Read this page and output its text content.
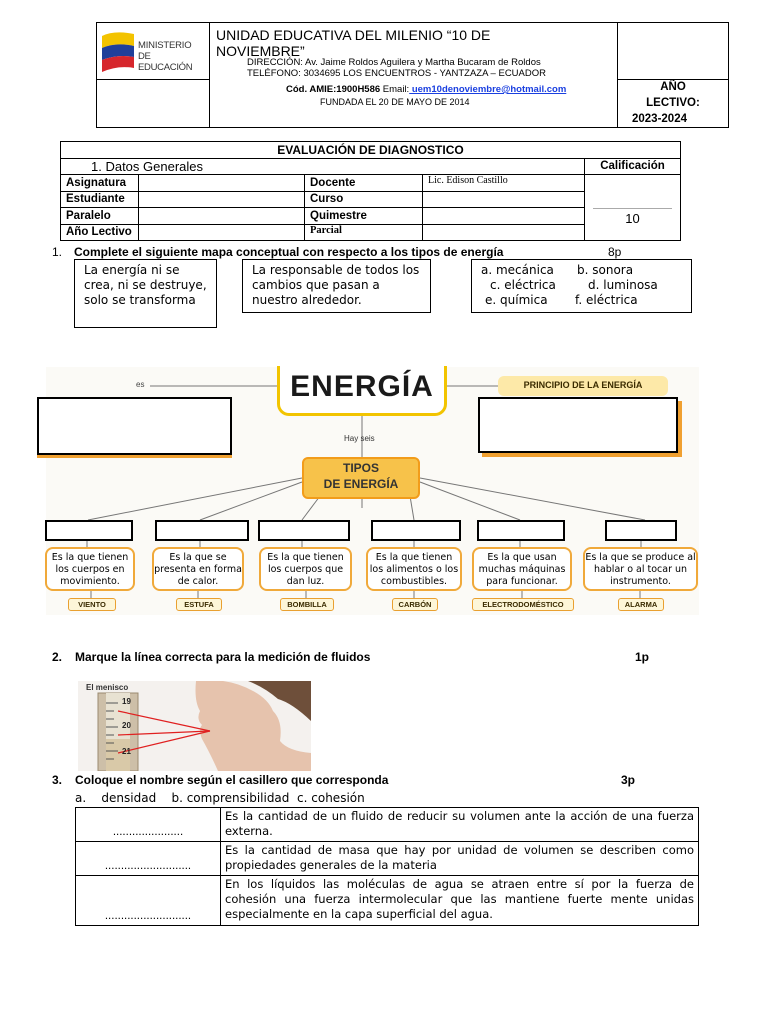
MINISTERIO
DE EDUCACIÓN
UNIDAD EDUCATIVA DEL MILENIO “10 DE NOVIEMBRE”
DIRECCIÓN: Av. Jaime Roldos Aguilera y Martha Bucaram de Roldos
TELÉFONO: 3034695 LOS ENCUENTROS - YANTZAZA – ECUADOR
Cód. AMIE:1900H586 Email: uem10denoviembre@hotmail.com
FUNDADA EL 20 DE MAYO DE 2014
AÑO
LECTIVO:
2023-2024
EVALUACIÓN DE DIAGNOSTICO				
1. Datos Generales				Calificación
Asignatura		Docente	Lic. Edison Castillo	10

Estudiante		Curso		
Paralelo		Quimestre		
Año Lectivo		Parcial		
1. Complete el siguiente mapa conceptual con respecto a los tipos de energía	8p
La energía ni se crea, ni se destruye, solo se transforma
La responsable de todos los cambios que pasan a nuestro alrededor.
a. mecánica b. sonora
c. eléctrica	d. luminosa
e. química f. eléctrica
es	ENERGÍA	PRINCIPIO DE LA ENERGÍA
Hay seis
TIPOS
DE ENERGÍA
Es la que tienen los cuerpos en movimiento.
Es la que se presenta en forma de calor.
Es la que tienen los cuerpos que dan luz.
Es la que tienen los alimentos o los combustibles.
Es la que usan muchas máquinas para funcionar.
Es la que se produce al hablar o al tocar un instrumento.
VIENTO	ESTUFA	BOMBILLA	CARBÓN	ELECTRODOMÉSTICO	ALARMA
2. Marque la línea correcta para la medición de fluidos	1p
El menisco
19
20
21
3. Coloque el nombre según el casillero que corresponda	3p
a.    densidad    b. comprensibilidad  c. cohesión
......................	Es la cantidad de un fluido de reducir su volumen ante la acción de una fuerza externa.
...........................	Es la cantidad de masa que hay por unidad de volumen se describen como propiedades generales de la materia
...........................	En los líquidos las moléculas de agua se atraen entre sí por la fuerza de cohesión una fuerza intermolecular que las mantiene fuerte mente unidas especialmente en la capa superficial del agua.
